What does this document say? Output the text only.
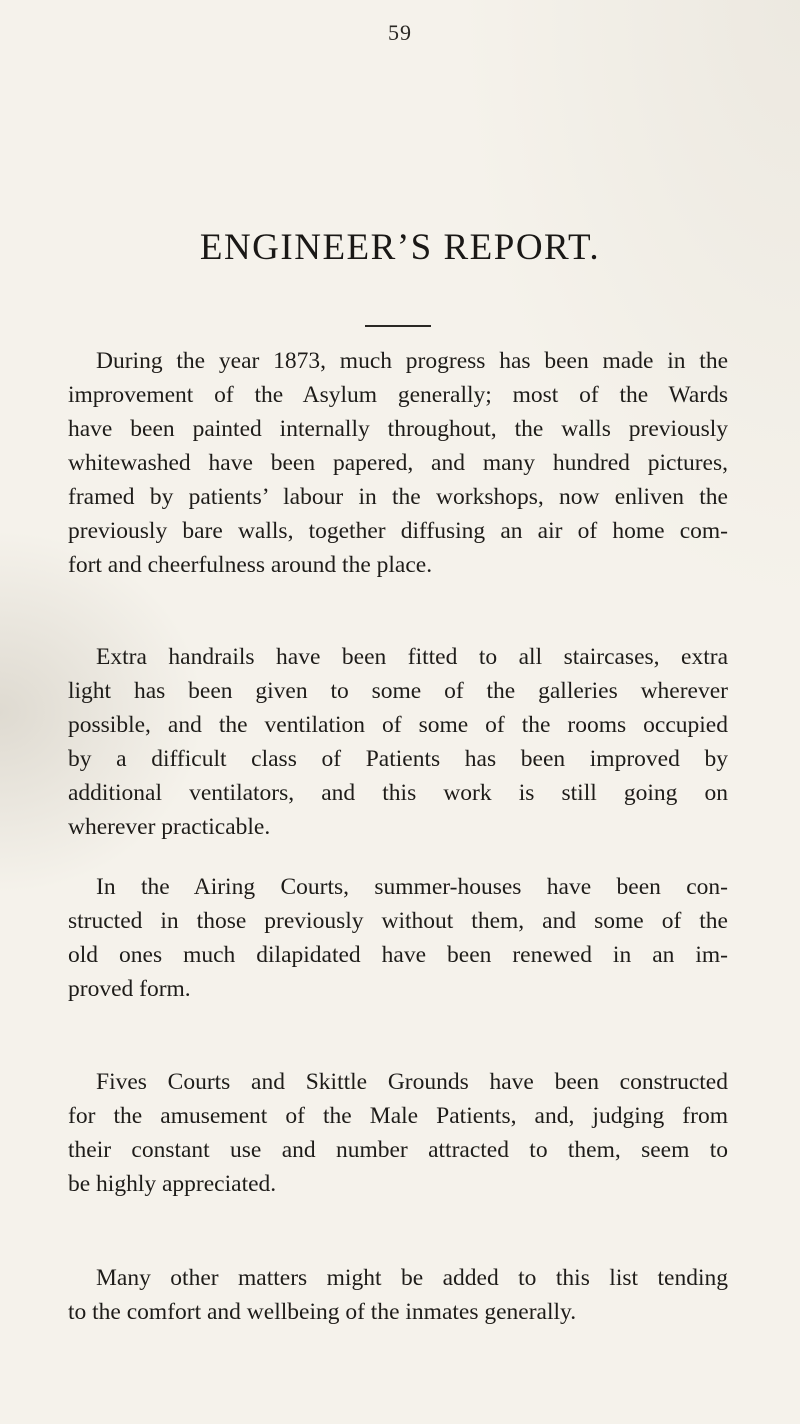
59
ENGINEER’S REPORT.
During the year 1873, much progress has been made in the
improvement of the Asylum generally; most of the Wards
have been painted internally throughout, the walls previously
whitewashed have been papered, and many hundred pictures,
framed by patients’ labour in the workshops, now enliven the
previously bare walls, together diffusing an air of home com-
fort and cheerfulness around the place.
Extra handrails have been fitted to all staircases, extra
light has been given to some of the galleries wherever
possible, and the ventilation of some of the rooms occupied
by a difficult class of Patients has been improved by
additional ventilators, and this work is still going on
wherever practicable.
In the Airing Courts, summer-houses have been con-
structed in those previously without them, and some of the
old ones much dilapidated have been renewed in an im-
proved form.
Fives Courts and Skittle Grounds have been constructed
for the amusement of the Male Patients, and, judging from
their constant use and number attracted to them, seem to
be highly appreciated.
Many other matters might be added to this list tending
to the comfort and wellbeing of the inmates generally.
